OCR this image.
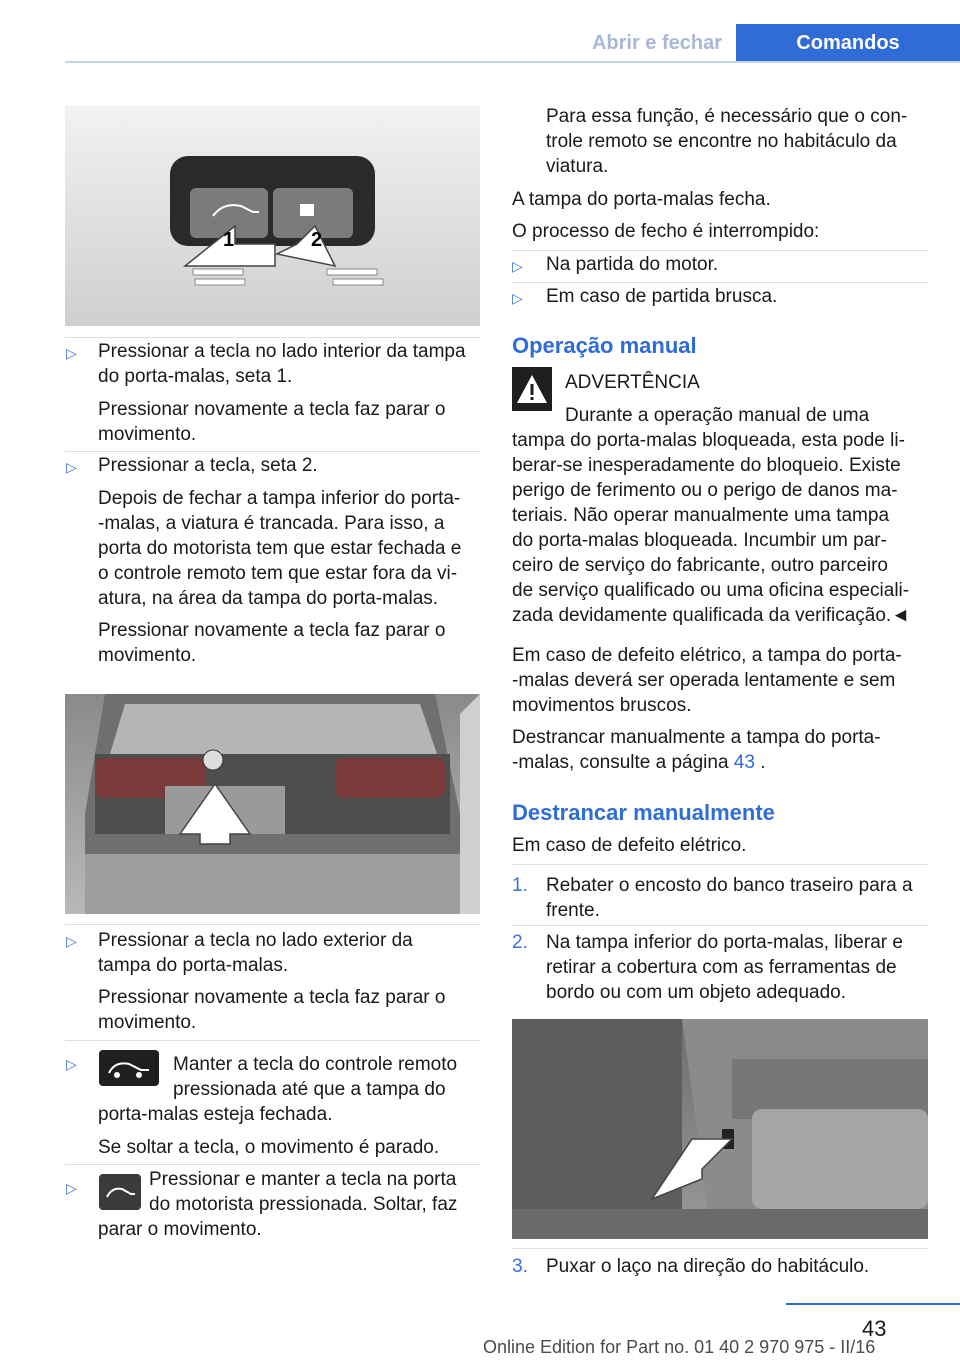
Abrir e fechar	Comandos
1	2
▷ Pressionar a tecla no lado interior da tampa
do porta-malas, seta 1.
Pressionar novamente a tecla faz parar o
movimento.
▷ Pressionar a tecla, seta 2.
Depois de fechar a tampa inferior do porta-
-malas, a viatura é trancada. Para isso, a
porta do motorista tem que estar fechada e
o controle remoto tem que estar fora da vi-
atura, na área da tampa do porta-malas.
Pressionar novamente a tecla faz parar o
movimento.
▷ Pressionar a tecla no lado exterior da
tampa do porta-malas.
Pressionar novamente a tecla faz parar o
movimento.
▷	Manter a tecla do controle remoto
pressionada até que a tampa do
porta-malas esteja fechada.
Se soltar a tecla, o movimento é parado.
▷	Pressionar e manter a tecla na porta
do motorista pressionada. Soltar, faz
parar o movimento.
Para essa função, é necessário que o con-
trole remoto se encontre no habitáculo da
viatura.
A tampa do porta-malas fecha.
O processo de fecho é interrompido:
▷ Na partida do motor.
▷ Em caso de partida brusca.
Operação manual
ADVERTÊNCIA
Durante a operação manual de uma
tampa do porta-malas bloqueada, esta pode li-
berar-se inesperadamente do bloqueio. Existe
perigo de ferimento ou o perigo de danos ma-
teriais. Não operar manualmente uma tampa
do porta-malas bloqueada. Incumbir um par-
ceiro de serviço do fabricante, outro parceiro
de serviço qualificado ou uma oficina especiali-
zada devidamente qualificada da verificação.◄
Em caso de defeito elétrico, a tampa do porta-
-malas deverá ser operada lentamente e sem
movimentos bruscos.
Destrancar manualmente a tampa do porta-
-malas, consulte a página 43 .
Destrancar manualmente
Em caso de defeito elétrico.
1. Rebater o encosto do banco traseiro para a
frente.
2. Na tampa inferior do porta-malas, liberar e
retirar a cobertura com as ferramentas de
bordo ou com um objeto adequado.
3. Puxar o laço na direção do habitáculo.
43
Online Edition for Part no. 01 40 2 970 975 - II/16
